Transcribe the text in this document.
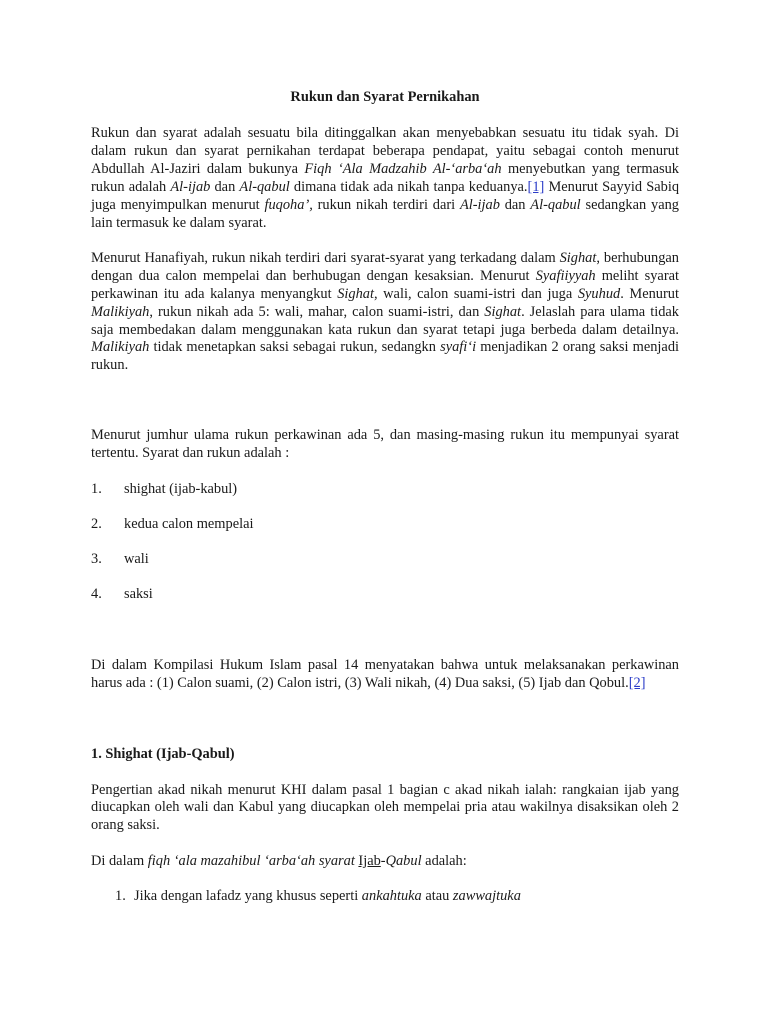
Rukun dan Syarat Pernikahan

Rukun dan syarat adalah sesuatu bila ditinggalkan akan menyebabkan sesuatu itu tidak syah. Di dalam rukun dan syarat pernikahan terdapat beberapa pendapat, yaitu sebagai contoh menurut Abdullah Al-Jaziri dalam bukunya Fiqh ‘Ala Madzahib Al-‘arba‘ah menyebutkan yang termasuk rukun adalah Al-ijab dan Al-qabul dimana tidak ada nikah tanpa keduanya.[1] Menurut Sayyid Sabiq juga menyimpulkan menurut fuqoha’, rukun nikah terdiri dari Al-ijab dan Al-qabul sedangkan yang lain termasuk ke dalam syarat.

Menurut Hanafiyah, rukun nikah terdiri dari syarat-syarat yang terkadang dalam Sighat, berhubungan dengan dua calon mempelai dan berhubugan dengan kesaksian. Menurut Syafiiyyah meliht syarat perkawinan itu ada kalanya menyangkut Sighat, wali, calon suami-istri dan juga Syuhud. Menurut Malikiyah, rukun nikah ada 5: wali, mahar, calon suami-istri, dan Sighat. Jelaslah para ulama tidak saja membedakan dalam menggunakan kata rukun dan syarat tetapi juga berbeda dalam detailnya. Malikiyah tidak menetapkan saksi sebagai rukun, sedangkn syafi‘i menjadikan 2 orang saksi menjadi rukun.

Menurut jumhur ulama rukun perkawinan ada 5, dan masing-masing rukun itu mempunyai syarat tertentu. Syarat dan rukun adalah :

1.	shighat (ijab-kabul)
2.	kedua calon mempelai
3.	wali
4.	saksi

Di dalam Kompilasi Hukum Islam pasal 14 menyatakan bahwa untuk melaksanakan perkawinan harus ada : (1) Calon suami, (2) Calon istri, (3) Wali nikah, (4) Dua saksi, (5) Ijab dan Qobul.[2]

1. Shighat (Ijab-Qabul)

Pengertian akad nikah menurut KHI dalam pasal 1 bagian c akad nikah ialah: rangkaian ijab yang diucapkan oleh wali dan Kabul yang diucapkan oleh mempelai pria atau wakilnya disaksikan oleh 2 orang saksi.

Di dalam fiqh ‘ala mazahibul ‘arba‘ah syarat Ijab-Qabul adalah:

1. Jika dengan lafadz yang khusus seperti ankahtuka atau zawwajtuka
